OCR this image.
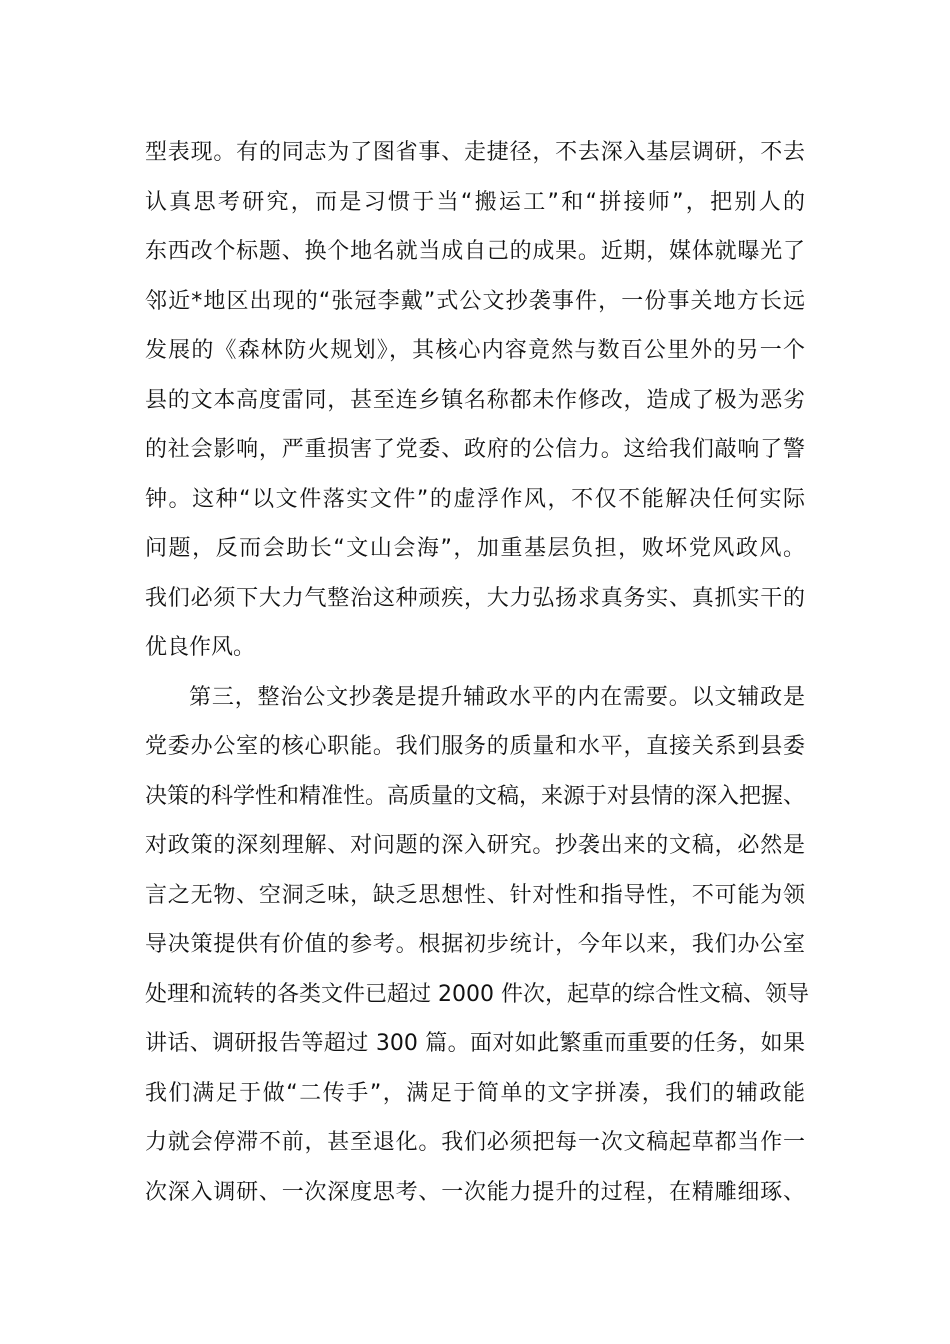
型表现。有的同志为了图省事、走捷径，不去深入基层调研，不去
认真思考研究，而是习惯于当“搬运工”和“拼接师”，把别人的
东西改个标题、换个地名就当成自己的成果。近期，媒体就曝光了
邻近*地区出现的“张冠李戴”式公文抄袭事件，一份事关地方长远
发展的《森林防火规划》，其核心内容竟然与数百公里外的另一个
县的文本高度雷同，甚至连乡镇名称都未作修改，造成了极为恶劣
的社会影响，严重损害了党委、政府的公信力。这给我们敲响了警
钟。这种“以文件落实文件”的虚浮作风，不仅不能解决任何实际
问题，反而会助长“文山会海”，加重基层负担，败坏党风政风。
我们必须下大力气整治这种顽疾，大力弘扬求真务实、真抓实干的
优良作风。
第三，整治公文抄袭是提升辅政水平的内在需要。以文辅政是
党委办公室的核心职能。我们服务的质量和水平，直接关系到县委
决策的科学性和精准性。高质量的文稿，来源于对县情的深入把握、
对政策的深刻理解、对问题的深入研究。抄袭出来的文稿，必然是
言之无物、空洞乏味，缺乏思想性、针对性和指导性，不可能为领
导决策提供有价值的参考。根据初步统计，今年以来，我们办公室
处理和流转的各类文件已超过 2000 件次，起草的综合性文稿、领导
讲话、调研报告等超过 300 篇。面对如此繁重而重要的任务，如果
我们满足于做“二传手”，满足于简单的文字拼凑，我们的辅政能
力就会停滞不前，甚至退化。我们必须把每一次文稿起草都当作一
次深入调研、一次深度思考、一次能力提升的过程，在精雕细琢、
